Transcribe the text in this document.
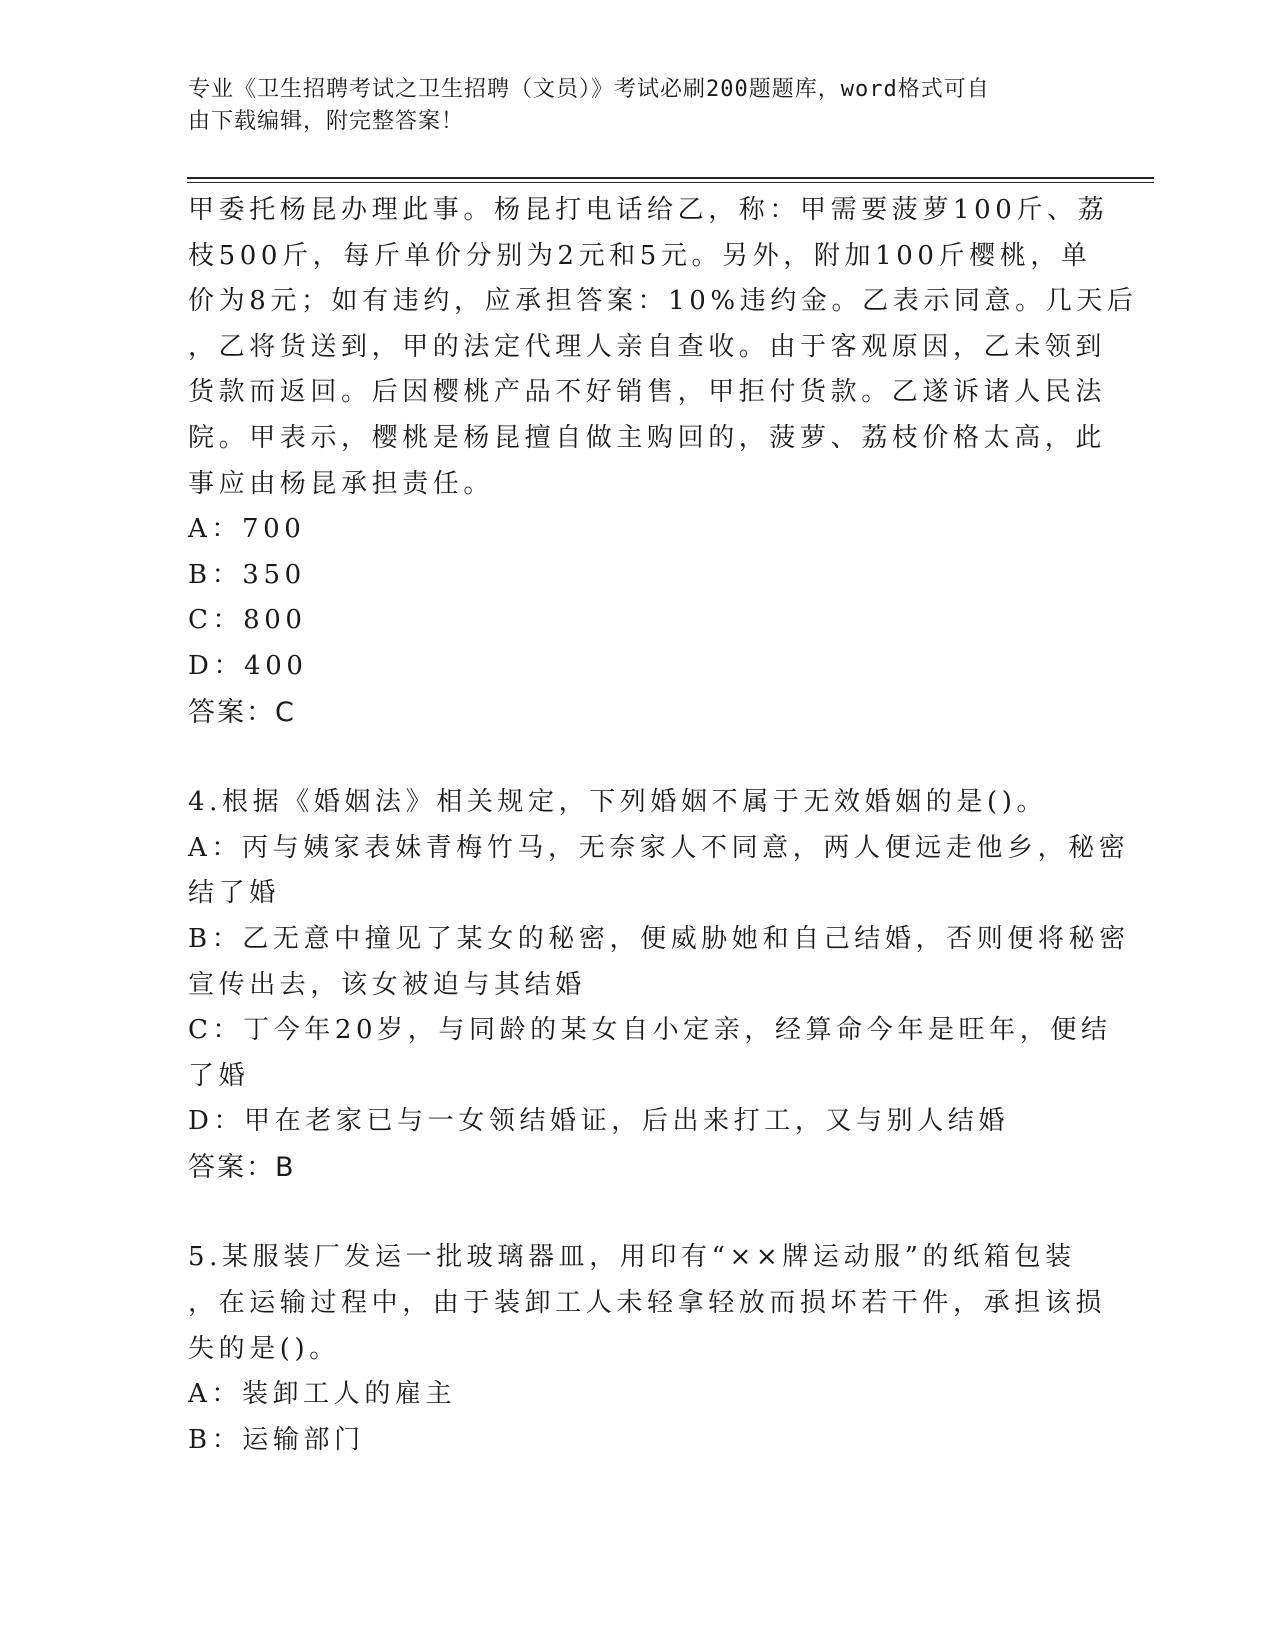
专业《卫生招聘考试之卫生招聘（文员）》考试必刷200题题库，word格式可自
由下载编辑，附完整答案！
甲委托杨昆办理此事。杨昆打电话给乙，称：甲需要菠萝100斤、荔
枝500斤，每斤单价分别为2元和5元。另外，附加100斤樱桃，单
价为8元；如有违约，应承担答案：10%违约金。乙表示同意。几天后
，乙将货送到，甲的法定代理人亲自查收。由于客观原因，乙未领到
货款而返回。后因樱桃产品不好销售，甲拒付货款。乙遂诉诸人民法
院。甲表示，樱桃是杨昆擅自做主购回的，菠萝、荔枝价格太高，此
事应由杨昆承担责任。
A：700
B：350
C：800
D：400
答案：C
4.根据《婚姻法》相关规定，下列婚姻不属于无效婚姻的是()。
A：丙与姨家表妹青梅竹马，无奈家人不同意，两人便远走他乡，秘密
结了婚
B：乙无意中撞见了某女的秘密，便威胁她和自己结婚，否则便将秘密
宣传出去，该女被迫与其结婚
C：丁今年20岁，与同龄的某女自小定亲，经算命今年是旺年，便结
了婚
D：甲在老家已与一女领结婚证，后出来打工，又与别人结婚
答案：B
5.某服装厂发运一批玻璃器皿，用印有“××牌运动服”的纸箱包装
，在运输过程中，由于装卸工人未轻拿轻放而损坏若干件，承担该损
失的是()。
A：装卸工人的雇主
B：运输部门
